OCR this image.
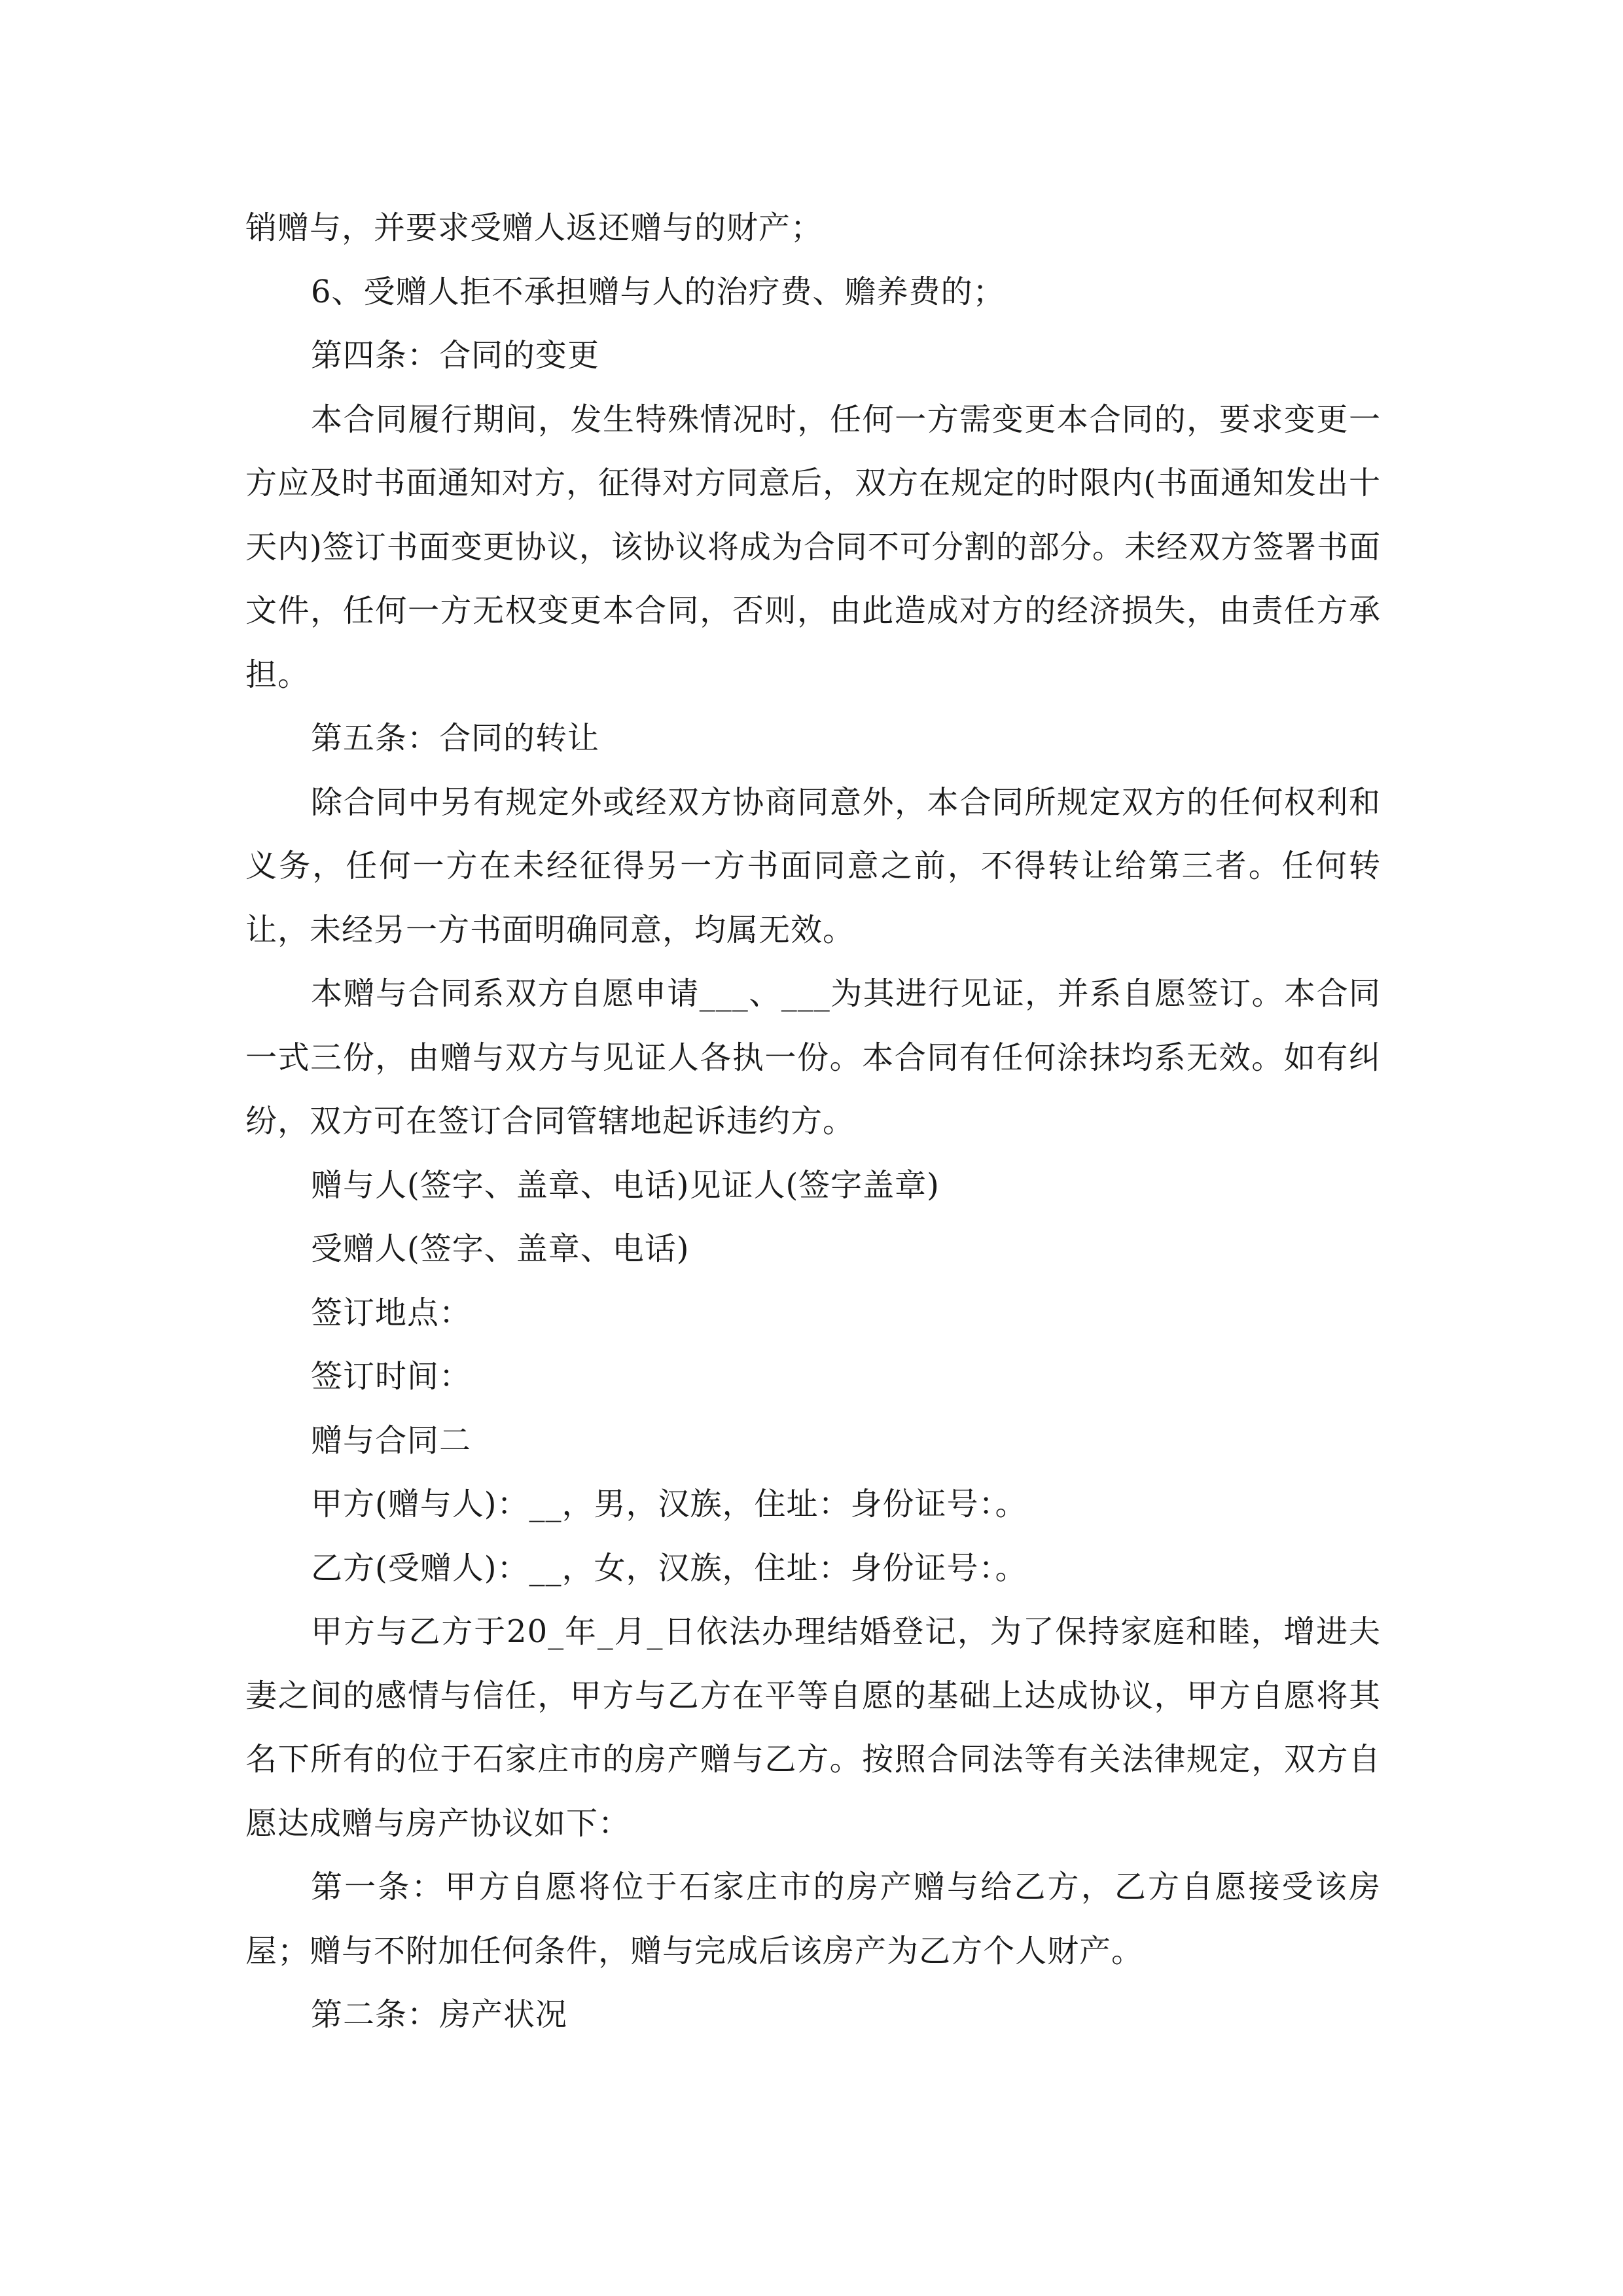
销赠与，并要求受赠人返还赠与的财产；

6、受赠人拒不承担赠与人的治疗费、赡养费的；

第四条：合同的变更

本合同履行期间，发生特殊情况时，任何一方需变更本合同的，要求变更一方应及时书面通知对方，征得对方同意后，双方在规定的时限内(书面通知发出十天内)签订书面变更协议，该协议将成为合同不可分割的部分。未经双方签署书面文件，任何一方无权变更本合同，否则，由此造成对方的经济损失，由责任方承担。

第五条：合同的转让

除合同中另有规定外或经双方协商同意外，本合同所规定双方的任何权利和义务，任何一方在未经征得另一方书面同意之前，不得转让给第三者。任何转让，未经另一方书面明确同意，均属无效。

本赠与合同系双方自愿申请___、___为其进行见证，并系自愿签订。本合同一式三份，由赠与双方与见证人各执一份。本合同有任何涂抹均系无效。如有纠纷，双方可在签订合同管辖地起诉违约方。

赠与人(签字、盖章、电话)见证人(签字盖章)

受赠人(签字、盖章、电话)

签订地点：

签订时间：

赠与合同二

甲方(赠与人)：__，男，汉族，住址：身份证号：。

乙方(受赠人)：__，女，汉族，住址：身份证号：。

甲方与乙方于20_年_月_日依法办理结婚登记，为了保持家庭和睦，增进夫妻之间的感情与信任，甲方与乙方在平等自愿的基础上达成协议，甲方自愿将其名下所有的位于石家庄市的房产赠与乙方。按照合同法等有关法律规定，双方自愿达成赠与房产协议如下：

第一条：甲方自愿将位于石家庄市的房产赠与给乙方，乙方自愿接受该房屋；赠与不附加任何条件，赠与完成后该房产为乙方个人财产。

第二条：房产状况
